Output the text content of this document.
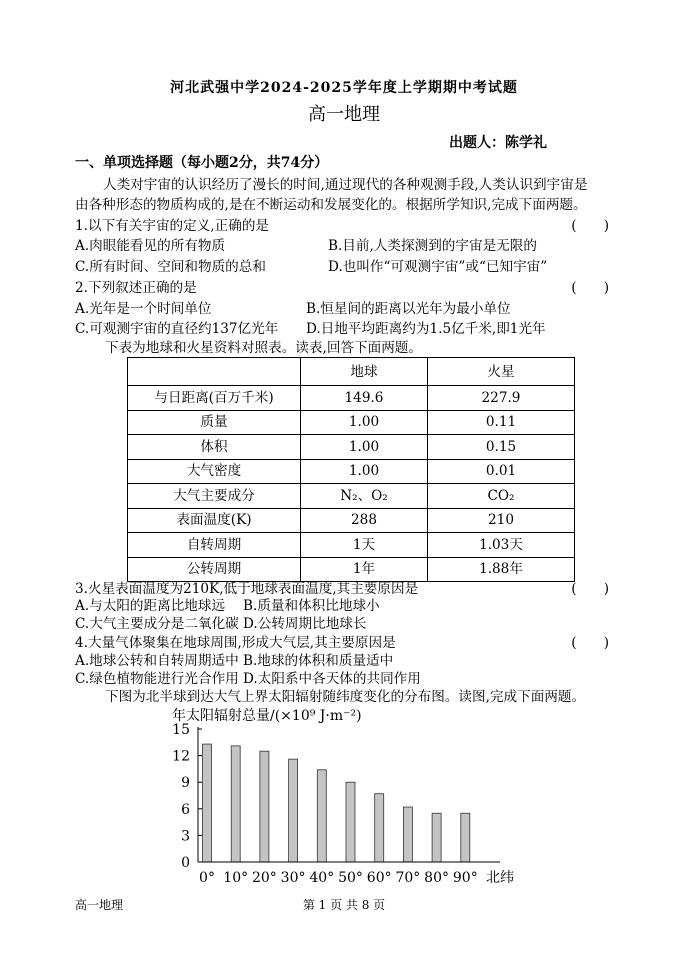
河北武强中学2024-2025学年度上学期期中考试题
高一地理
出题人：陈学礼
一、单项选择题（每小题2分，共74分）
人类对宇宙的认识经历了漫长的时间,通过现代的各种观测手段,人类认识到宇宙是
由各种形态的物质构成的,是在不断运动和发展变化的。根据所学知识,完成下面两题。
1.以下有关宇宙的定义,正确的是	(　　)
A.肉眼能看见的所有物质	B.目前,人类探测到的宇宙是无限的
C.所有时间、空间和物质的总和	D.也叫作“可观测宇宙”或“已知宇宙”
2.下列叙述正确的是	(　　)
A.光年是一个时间单位	B.恒星间的距离以光年为最小单位
C.可观测宇宙的直径约137亿光年 D.日地平均距离约为1.5亿千米,即1光年
下表为地球和火星资料对照表。读表,回答下面两题。
	地球	火星
与日距离(百万千米)	149.6	227.9
质量	1.00	0.11
体积	1.00	0.15
大气密度	1.00	0.01
大气主要成分	N₂、O₂	CO₂
表面温度(K)	288	210
自转周期	1天	1.03天
公转周期	1年	1.88年
3.火星表面温度为210K,低于地球表面温度,其主要原因是	(　　)
A.与太阳的距离比地球远 B.质量和体积比地球小
C.大气主要成分是二氧化碳 D.公转周期比地球长
4.大量气体聚集在地球周围,形成大气层,其主要原因是	(　　)
A.地球公转和自转周期适中 B.地球的体积和质量适中
C.绿色植物能进行光合作用 D.太阳系中各天体的共同作用
下图为北半球到达大气上界太阳辐射随纬度变化的分布图。读图,完成下面两题。
年太阳辐射总量/(×10⁹ J·m⁻²)
北纬
0
3
6
9
12
15
0° 10° 20° 30° 40° 50° 60° 70° 80° 90°
高一地理	第 1 页 共 8 页
